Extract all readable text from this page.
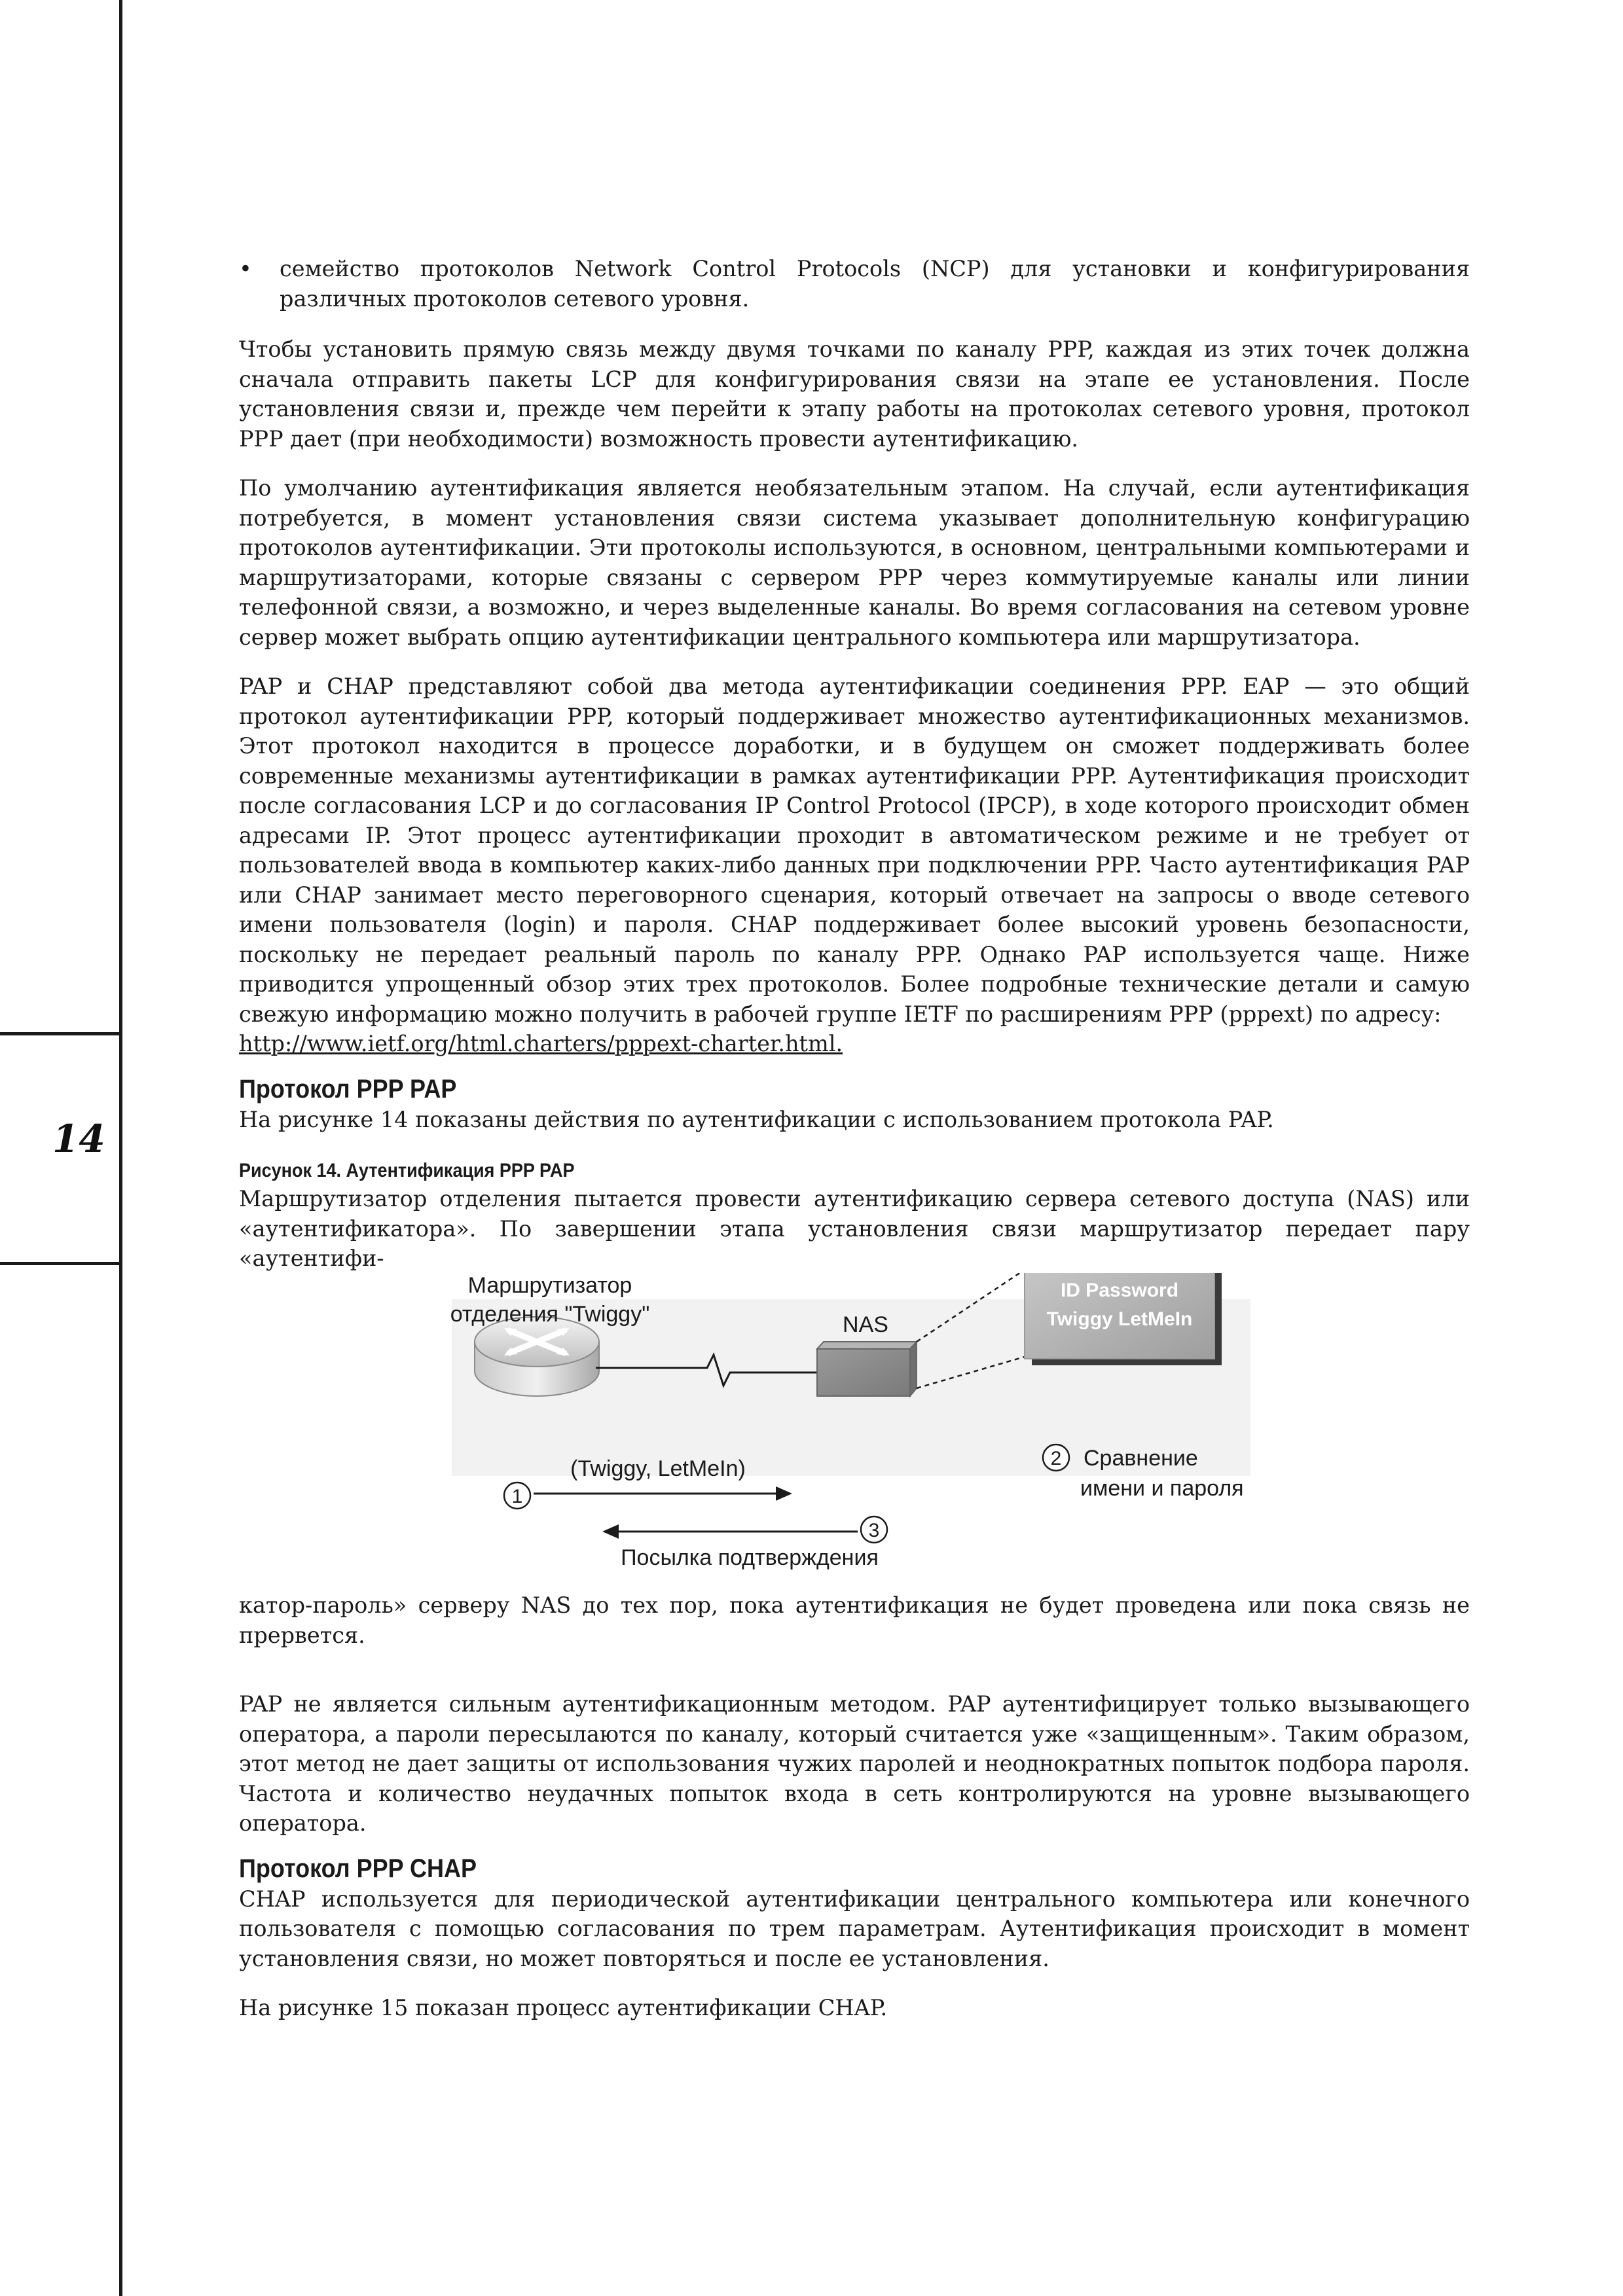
14

• семейство протоколов Network Control Protocols (NCP) для установки и конфигурирования различных протоколов сетевого уровня.

Чтобы установить прямую связь между двумя точками по каналу PPP, каждая из этих точек должна сначала отправить пакеты LCP для конфигурирования связи на этапе ее установления. После установления связи и, прежде чем перейти к этапу работы на протоколах сетевого уровня, протокол PPP дает (при необходимости) возможность провести аутентификацию.

По умолчанию аутентификация является необязательным этапом. На случай, если аутентификация потребуется, в момент установления связи система указывает дополнительную конфигурацию протоколов аутентификации. Эти протоколы используются, в основном, центральными компьютерами и маршрутизаторами, которые связаны с сервером PPP через коммутируемые каналы или линии телефонной связи, а возможно, и через выделенные каналы. Во время согласования на сетевом уровне сервер может выбрать опцию аутентификации центрального компьютера или маршрутизатора.

PAP и CHAP представляют собой два метода аутентификации соединения PPP. EAP — это общий протокол аутентификации PPP, который поддерживает множество аутентификационных механизмов. Этот протокол находится в процессе доработки, и в будущем он сможет поддерживать более современные механизмы аутентификации в рамках аутентификации PPP. Аутентификация происходит после согласования LCP и до согласования IP Control Protocol (IPCP), в ходе которого происходит обмен адресами IP. Этот процесс аутентификации проходит в автоматическом режиме и не требует от пользователей ввода в компьютер каких-либо данных при подключении PPP. Часто аутентификация PAP или CHAP занимает место переговорного сценария, который отвечает на запросы о вводе сетевого имени пользователя (login) и пароля. CHAP поддерживает более высокий уровень безопасности, поскольку не передает реальный пароль по каналу PPP. Однако PAP используется чаще. Ниже приводится упрощенный обзор этих трех протоколов. Более подробные технические детали и самую свежую информацию можно получить в рабочей группе IETF по расширениям PPP (pppext) по адресу:

http://www.ietf.org/html.charters/pppext-charter.html.

Протокол PPP PAP

На рисунке 14 показаны действия по аутентификации с использованием протокола PAP.

Рисунок 14. Аутентификация PPP PAP

Маршрутизатор отделения пытается провести аутентификацию сервера сетевого доступа (NAS) или «аутентификатора». По завершении этапа установления связи маршрутизатор передает пару «аутентифи-

Маршрутизатор
отделения "Twiggy"	NAS
ID Password
Twiggy LetMeIn
1
(Twiggy, LetMeIn)	2 Сравнение
имени и пароля
3
Посылка подтверждения

катор-пароль» серверу NAS до тех пор, пока аутентификация не будет проведена или пока связь не прервется.

PAP не является сильным аутентификационным методом. PAP аутентифицирует только вызывающего оператора, а пароли пересылаются по каналу, который считается уже «защищенным». Таким образом, этот метод не дает защиты от использования чужих паролей и неоднократных попыток подбора пароля. Частота и количество неудачных попыток входа в сеть контролируются на уровне вызывающего оператора.

Протокол PPP CHAP

CHAP используется для периодической аутентификации центрального компьютера или конечного пользователя с помощью согласования по трем параметрам. Аутентификация происходит в момент установления связи, но может повторяться и после ее установления.

На рисунке 15 показан процесс аутентификации CHAP.
